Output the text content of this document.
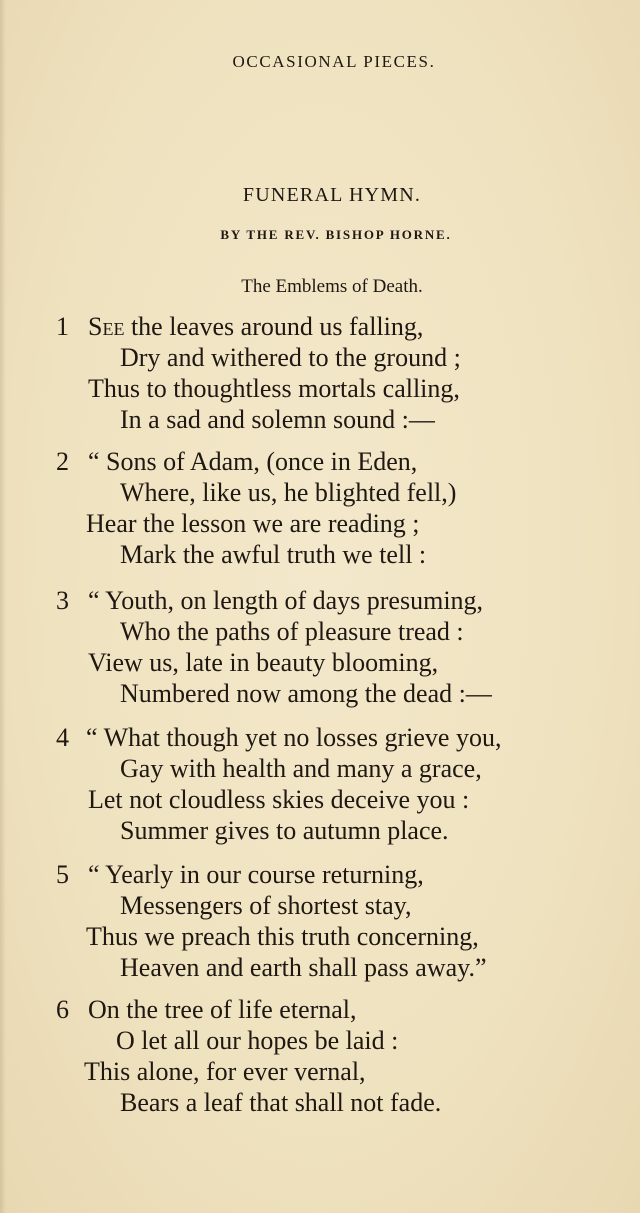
OCCASIONAL PIECES.
FUNERAL HYMN.
BY THE REV. BISHOP HORNE.
The Emblems of Death.
1 See the leaves around us falling,
Dry and withered to the ground ;
Thus to thoughtless mortals calling,
In a sad and solemn sound :—
2 “ Sons of Adam, (once in Eden,
Where, like us, he blighted fell,)
Hear the lesson we are reading ;
Mark the awful truth we tell :
3 “ Youth, on length of days presuming,
Who the paths of pleasure tread :
View us, late in beauty blooming,
Numbered now among the dead :—
4 “ What though yet no losses grieve you,
Gay with health and many a grace,
Let not cloudless skies deceive you :
Summer gives to autumn place.
5 “ Yearly in our course returning,
Messengers of shortest stay,
Thus we preach this truth concerning,
Heaven and earth shall pass away.”
6 On the tree of life eternal,
O let all our hopes be laid :
This alone, for ever vernal,
Bears a leaf that shall not fade.
